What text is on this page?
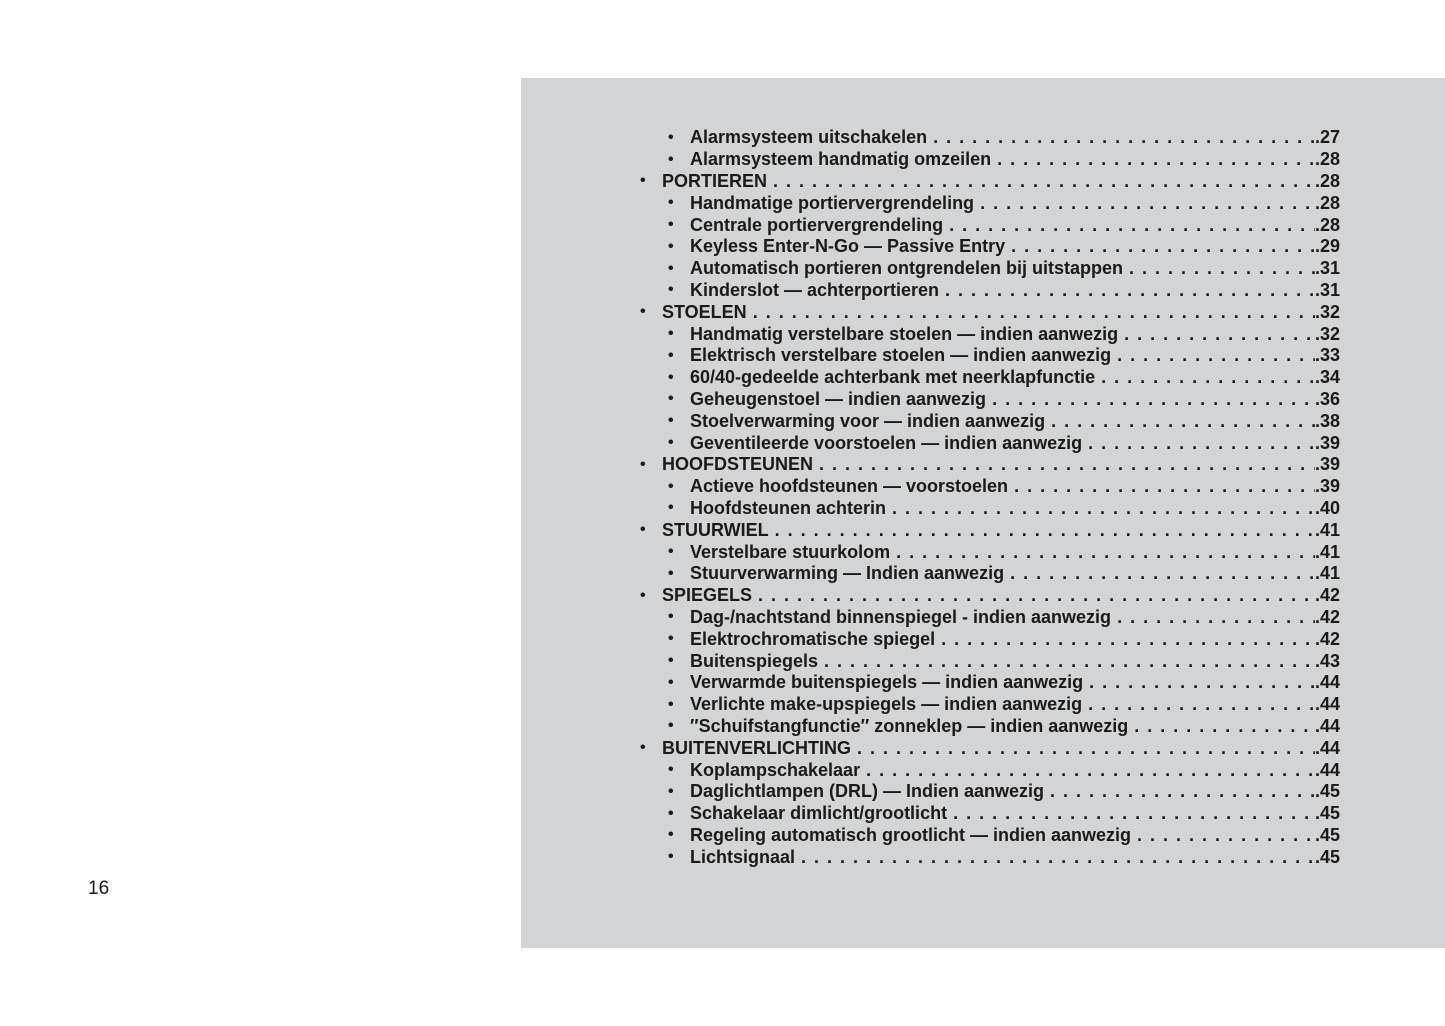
16
• Alarmsysteem uitschakelen . . .	.27
• Alarmsysteem handmatig omzeilen . . .	.28
• PORTIEREN . . .	.28
• Handmatige portiervergrendeling . . .	.28
• Centrale portiervergrendeling . . .	.28
• Keyless Enter-N-Go — Passive Entry . . .	.29
• Automatisch portieren ontgrendelen bij uitstappen . . .	.31
• Kinderslot — achterportieren . . .	.31
• STOELEN . . .	.32
• Handmatig verstelbare stoelen — indien aanwezig . . .	.32
• Elektrisch verstelbare stoelen — indien aanwezig . . .	.33
• 60/40-gedeelde achterbank met neerklapfunctie . . .	.34
• Geheugenstoel — indien aanwezig . . .	.36
• Stoelverwarming voor — indien aanwezig . . .	.38
• Geventileerde voorstoelen — indien aanwezig . . .	.39
• HOOFDSTEUNEN . . .	.39
• Actieve hoofdsteunen — voorstoelen . . .	.39
• Hoofdsteunen achterin . . .	.40
• STUURWIEL . . .	.41
• Verstelbare stuurkolom . . .	.41
• Stuurverwarming — Indien aanwezig . . .	.41
• SPIEGELS . . .	.42
• Dag-/nachtstand binnenspiegel - indien aanwezig . . .	.42
• Elektrochromatische spiegel . . .	.42
• Buitenspiegels . . .	.43
• Verwarmde buitenspiegels — indien aanwezig . . .	.44
• Verlichte make-upspiegels — indien aanwezig . . .	.44
• ″Schuifstangfunctie″ zonneklep — indien aanwezig . . .	.44
• BUITENVERLICHTING . . .	.44
• Koplampschakelaar . . .	.44
• Daglichtlampen (DRL) — Indien aanwezig . . .	.45
• Schakelaar dimlicht/grootlicht . . .	.45
• Regeling automatisch grootlicht — indien aanwezig . . .	.45
• Lichtsignaal . . .	.45
